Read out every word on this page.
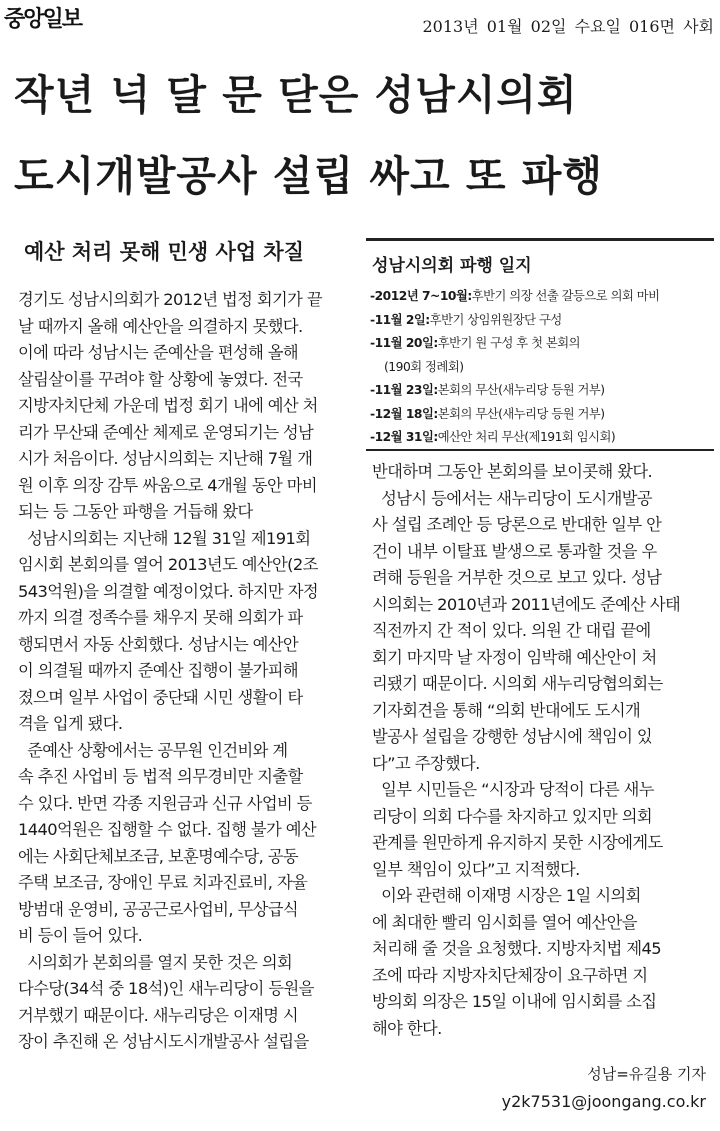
중앙일보	2013년 01월 02일 수요일 016면 사회
작년 넉 달 문 닫은 성남시의회
도시개발공사 설립 싸고 또 파행
예산 처리 못해 민생 사업 차질
성남시의회 파행 일지
-2012년 7~10월:후반기 의장 선출 갈등으로 의회 마비
-11월 2일:후반기 상임위원장단 구성
-11월 20일:후반기 원 구성 후 첫 본회의
(190회 정례회)
-11월 23일:본회의 무산(새누리당 등원 거부)
-12월 18일:본회의 무산(새누리당 등원 거부)
-12월 31일:예산안 처리 무산(제191회 임시회)
경기도 성남시의회가 2012년 법정 회기가 끝
날 때까지 올해 예산안을 의결하지 못했다.
이에 따라 성남시는 준예산을 편성해 올해
살림살이를 꾸려야 할 상황에 놓였다. 전국
지방자치단체 가운데 법정 회기 내에 예산 처
리가 무산돼 준예산 체제로 운영되기는 성남
시가 처음이다. 성남시의회는 지난해 7월 개
원 이후 의장 감투 싸움으로 4개월 동안 마비
되는 등 그동안 파행을 거듭해 왔다
성남시의회는 지난해 12월 31일 제191회
임시회 본회의를 열어 2013년도 예산안(2조
543억원)을 의결할 예정이었다. 하지만 자정
까지 의결 정족수를 채우지 못해 의회가 파
행되면서 자동 산회했다. 성남시는 예산안
이 의결될 때까지 준예산 집행이 불가피해
졌으며 일부 사업이 중단돼 시민 생활이 타
격을 입게 됐다.
준예산 상황에서는 공무원 인건비와 계
속 추진 사업비 등 법적 의무경비만 지출할
수 있다. 반면 각종 지원금과 신규 사업비 등
1440억원은 집행할 수 없다. 집행 불가 예산
에는 사회단체보조금, 보훈명예수당, 공동
주택 보조금, 장애인 무료 치과진료비, 자율
방범대 운영비, 공공근로사업비, 무상급식
비 등이 들어 있다.
시의회가 본회의를 열지 못한 것은 의회
다수당(34석 중 18석)인 새누리당이 등원을
거부했기 때문이다. 새누리당은 이재명 시
장이 추진해 온 성남시도시개발공사 설립을
반대하며 그동안 본회의를 보이콧해 왔다.
성남시 등에서는 새누리당이 도시개발공
사 설립 조례안 등 당론으로 반대한 일부 안
건이 내부 이탈표 발생으로 통과할 것을 우
려해 등원을 거부한 것으로 보고 있다. 성남
시의회는 2010년과 2011년에도 준예산 사태
직전까지 간 적이 있다. 의원 간 대립 끝에
회기 마지막 날 자정이 임박해 예산안이 처
리됐기 때문이다. 시의회 새누리당협의회는
기자회견을 통해 “의회 반대에도 도시개
발공사 설립을 강행한 성남시에 책임이 있
다”고 주장했다.
일부 시민들은 “시장과 당적이 다른 새누
리당이 의회 다수를 차지하고 있지만 의회
관계를 원만하게 유지하지 못한 시장에게도
일부 책임이 있다”고 지적했다.
이와 관련해 이재명 시장은 1일 시의회
에 최대한 빨리 임시회를 열어 예산안을
처리해 줄 것을 요청했다. 지방자치법 제45
조에 따라 지방자치단체장이 요구하면 지
방의회 의장은 15일 이내에 임시회를 소집
해야 한다.
성남=유길용 기자
y2k7531@joongang.co.kr
